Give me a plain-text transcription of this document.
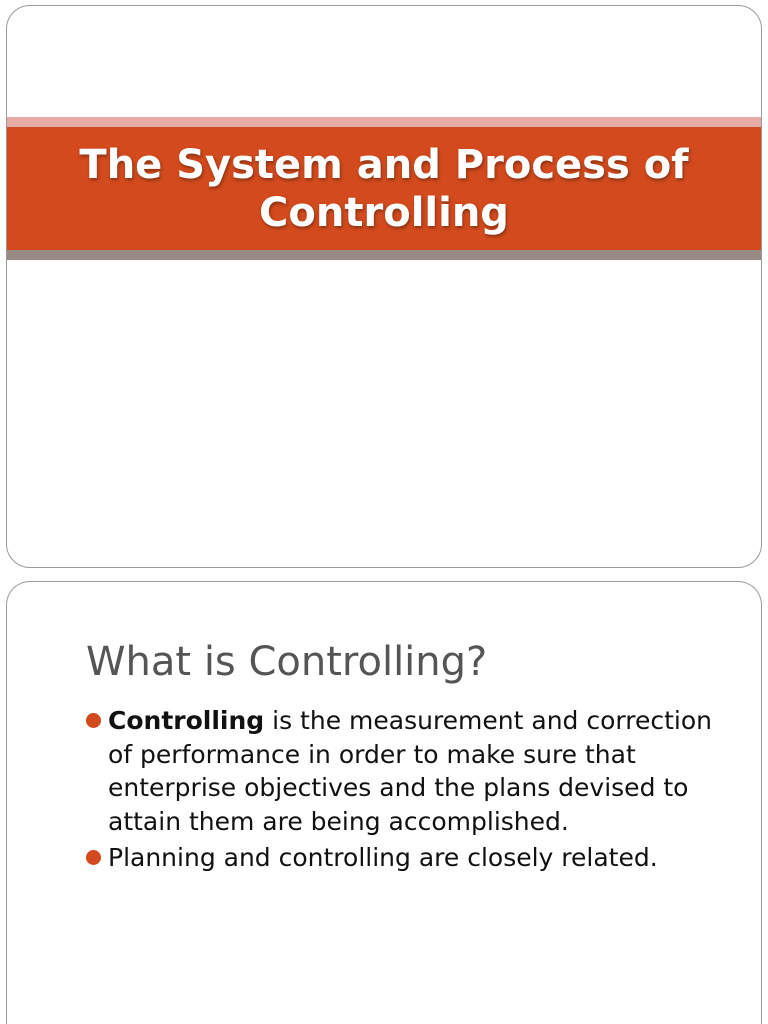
The System and Process of Controlling
What is Controlling?
Controlling is the measurement and correction of performance in order to make sure that enterprise objectives and the plans devised to attain them are being accomplished.
Planning and controlling are closely related.
